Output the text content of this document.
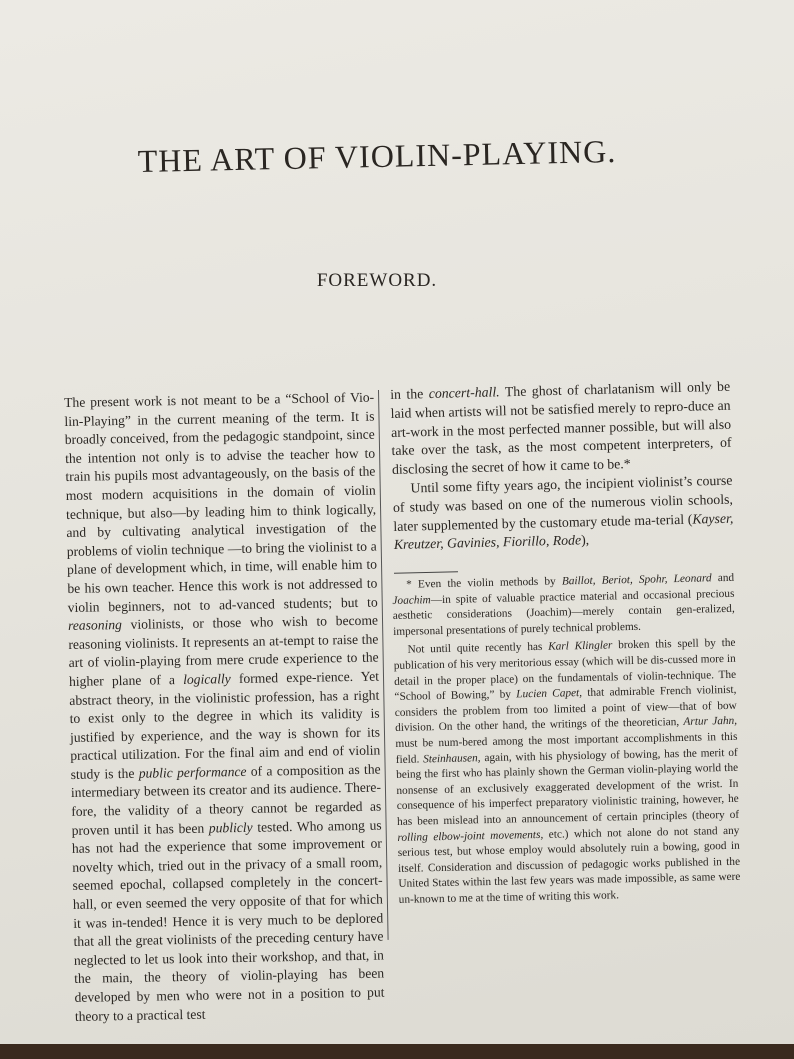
THE ART OF VIOLIN-PLAYING.
FOREWORD.

The present work is not meant to be a “School of Vio-lin-Playing” in the current meaning of the term. It is broadly conceived, from the pedagogic standpoint, since the intention not only is to advise the teacher how to train his pupils most advantageously, on the basis of the most modern acquisitions in the domain of violin technique, but also—by leading him to think logically, and by cultivating analytical investigation of the problems of violin technique —to bring the violinist to a plane of development which, in time, will enable him to be his own teacher. Hence this work is not addressed to violin beginners, not to ad-vanced students; but to reasoning violinists, or those who wish to become reasoning violinists. It represents an at-tempt to raise the art of violin-playing from mere crude experience to the higher plane of a logically formed expe-rience. Yet abstract theory, in the violinistic profession, has a right to exist only to the degree in which its validity is justified by experience, and the way is shown for its practical utilization. For the final aim and end of violin study is the public performance of a composition as the intermediary between its creator and its audience. There-fore, the validity of a theory cannot be regarded as proven until it has been publicly tested. Who among us has not had the experience that some improvement or novelty which, tried out in the privacy of a small room, seemed epochal, collapsed completely in the concert-hall, or even seemed the very opposite of that for which it was in-tended! Hence it is very much to be deplored that all the great violinists of the preceding century have neglected to let us look into their workshop, and that, in the main, the theory of violin-playing has been developed by men who were not in a position to put theory to a practical test

in the concert-hall. The ghost of charlatanism will only be laid when artists will not be satisfied merely to repro-duce an art-work in the most perfected manner possible, but will also take over the task, as the most competent interpreters, of disclosing the secret of how it came to be.*

Until some fifty years ago, the incipient violinist’s course of study was based on one of the numerous violin schools, later supplemented by the customary etude ma-terial (Kayser, Kreutzer, Gavinies, Fiorillo, Rode),

* Even the violin methods by Baillot, Beriot, Spohr, Leonard and Joachim—in spite of valuable practice material and occasional precious aesthetic considerations (Joachim)—merely contain gen-eralized, impersonal presentations of purely technical problems.

Not until quite recently has Karl Klingler broken this spell by the publication of his very meritorious essay (which will be dis-cussed more in detail in the proper place) on the fundamentals of violin-technique. The “School of Bowing,” by Lucien Capet, that admirable French violinist, considers the problem from too limited a point of view—that of bow division. On the other hand, the writings of the theoretician, Artur Jahn, must be num-bered among the most important accomplishments in this field. Steinhausen, again, with his physiology of bowing, has the merit of being the first who has plainly shown the German violin-playing world the nonsense of an exclusively exaggerated development of the wrist. In consequence of his imperfect preparatory violinistic training, however, he has been mislead into an announcement of certain principles (theory of rolling elbow-joint movements, etc.) which not alone do not stand any serious test, but whose employ would absolutely ruin a bowing, good in itself. Consideration and discussion of pedagogic works published in the United States within the last few years was made impossible, as same were un-known to me at the time of writing this work.
